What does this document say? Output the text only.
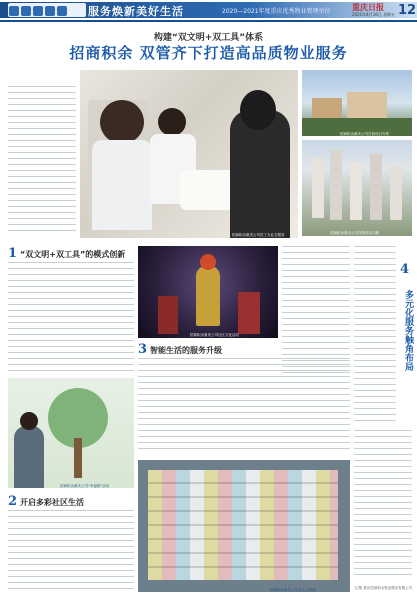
服务焕新美好生活	2020—2021年度重庆优秀物业管理单位	重庆日报
2021年4月16日 星期五 12
构建“双文明+双工具”体系
招商积余 双管齐下打造高品质物业服务
招商积余重庆公司员工为业主服务
招商积余重庆公司在管项目外景
招商积余重庆公司在管项目鸟瞰
1 “双文明+双工具”的模式创新
招商积余重庆公司社区文化活动
4
多元化服务触角布局
招商积余重庆公司“幸福树”活动
3 智能生活的服务升级
2 开启多彩社区生活
招商积余重庆公司业主心愿墙	文/图 重庆招商积余物业服务有限公司
